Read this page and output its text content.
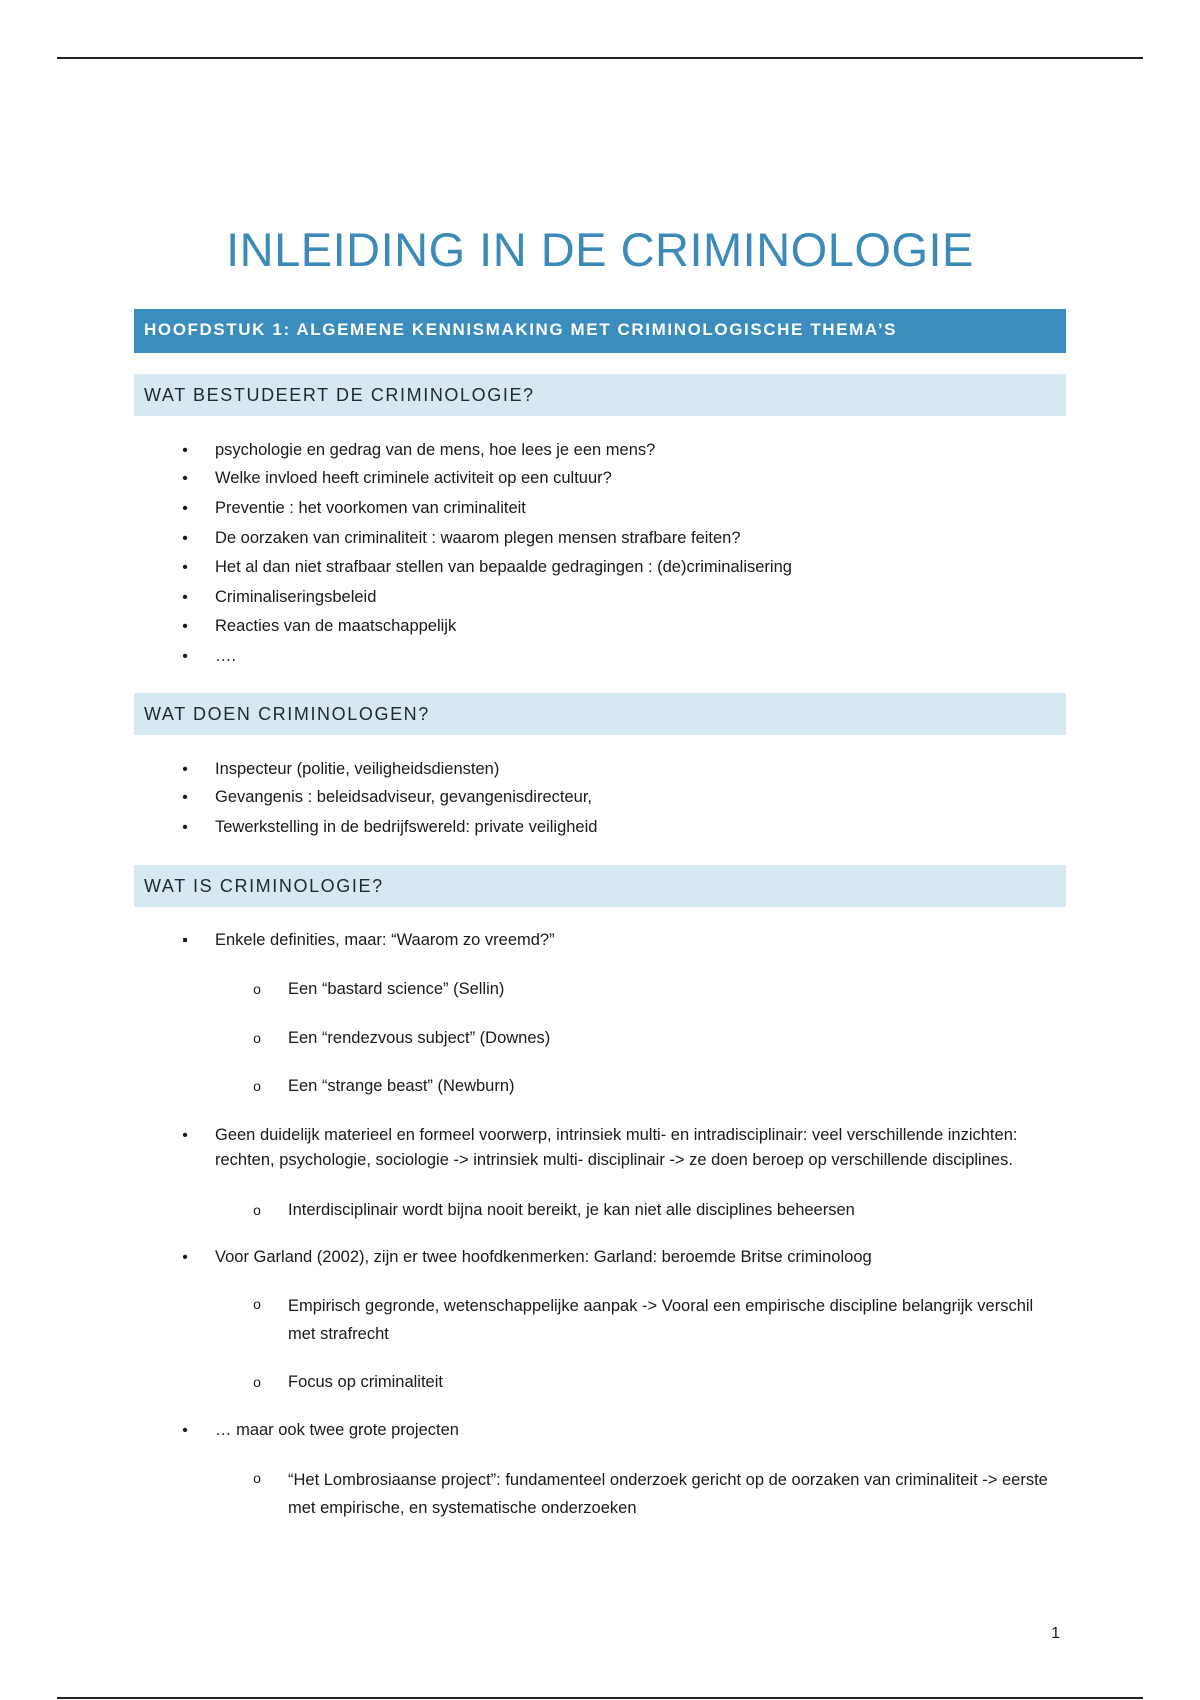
INLEIDING IN DE CRIMINOLOGIE
HOOFDSTUK 1: ALGEMENE KENNISMAKING MET CRIMINOLOGISCHE THEMA’S
WAT BESTUDEERT DE CRIMINOLOGIE?
• psychologie en gedrag van de mens, hoe lees je een mens?
• Welke invloed heeft criminele activiteit op een cultuur?
• Preventie : het voorkomen van criminaliteit
• De oorzaken van criminaliteit : waarom plegen mensen strafbare feiten?
• Het al dan niet strafbaar stellen van bepaalde gedragingen : (de)criminalisering
• Criminaliseringsbeleid
• Reacties van de maatschappelijk
• ….
WAT DOEN CRIMINOLOGEN?
• Inspecteur (politie, veiligheidsdiensten)
• Gevangenis : beleidsadviseur, gevangenisdirecteur,
• Tewerkstelling in de bedrijfswereld: private veiligheid
WAT IS CRIMINOLOGIE?
▪ Enkele definities, maar: “Waarom zo vreemd?”
o Een “bastard science” (Sellin)
o Een “rendezvous subject” (Downes)
o Een “strange beast” (Newburn)
• Geen duidelijk materieel en formeel voorwerp, intrinsiek multi- en intradisciplinair: veel verschillende inzichten: rechten, psychologie, sociologie -> intrinsiek multi- disciplinair -> ze doen beroep op verschillende disciplines.
o Interdisciplinair wordt bijna nooit bereikt, je kan niet alle disciplines beheersen
• Voor Garland (2002), zijn er twee hoofdkenmerken: Garland: beroemde Britse criminoloog
o Empirisch gegronde, wetenschappelijke aanpak -> Vooral een empirische discipline belangrijk verschil met strafrecht
o Focus op criminaliteit
• … maar ook twee grote projecten
o “Het Lombrosiaanse project”: fundamenteel onderzoek gericht op de oorzaken van criminaliteit -> eerste met empirische, en systematische onderzoeken
1
